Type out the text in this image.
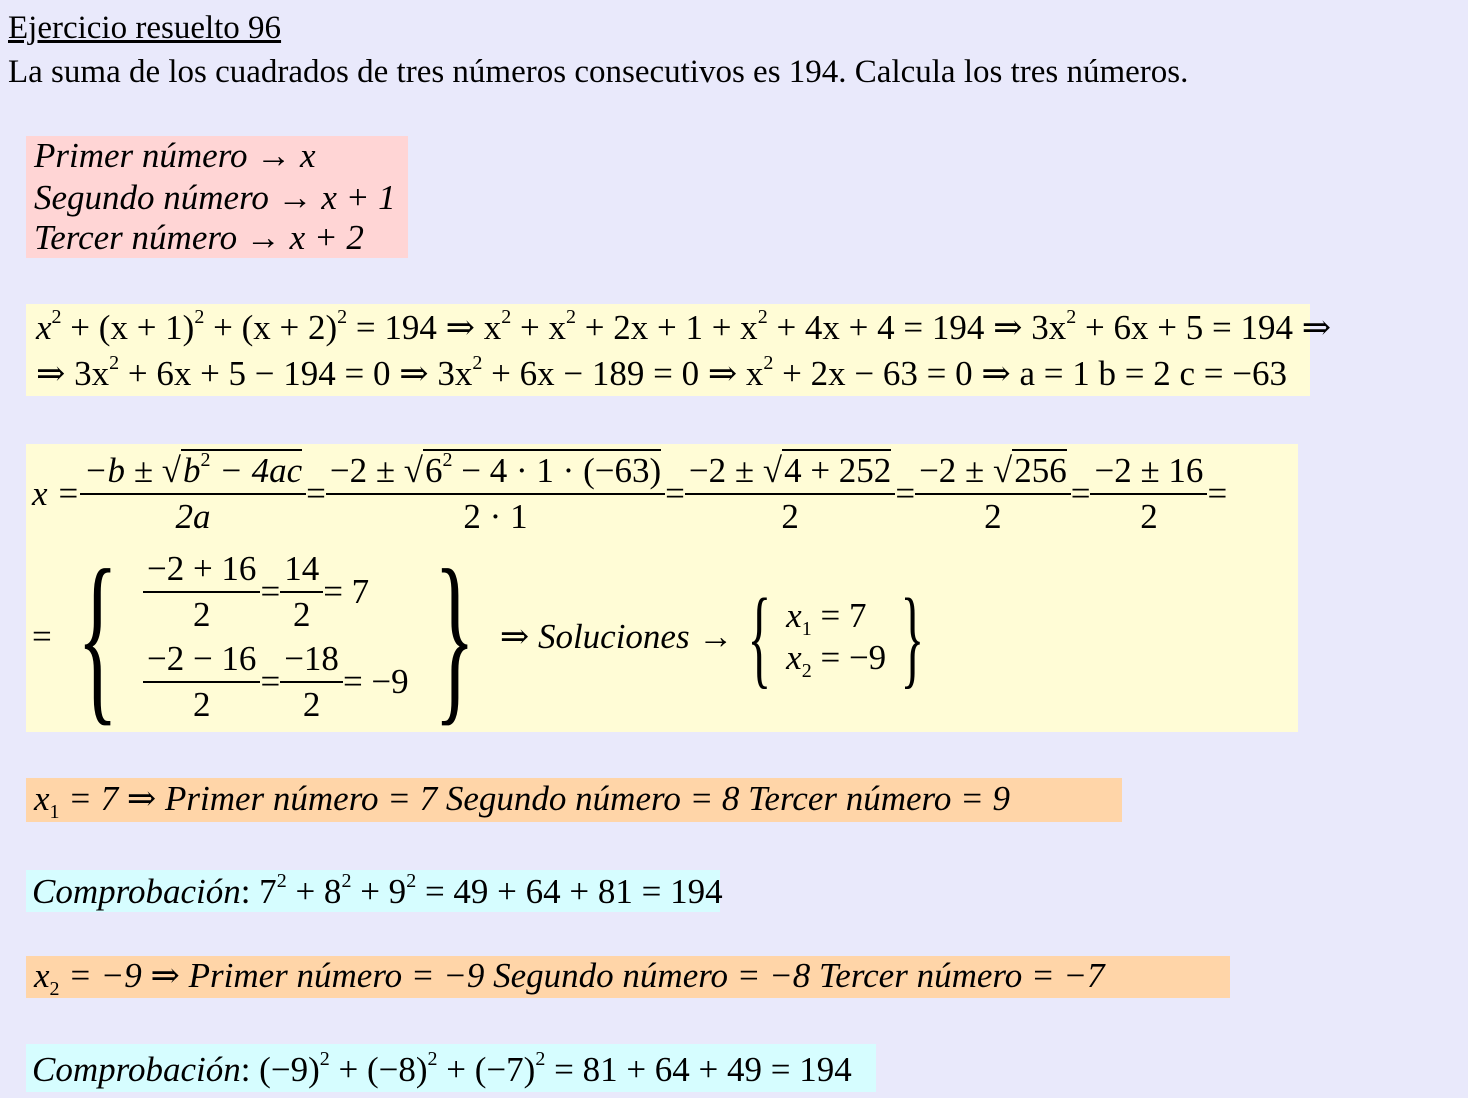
Ejercicio resuelto 96
La suma de los cuadrados de tres números consecutivos es 194. Calcula los tres números.
Primer número → x
Segundo número → x + 1
Tercer número → x + 2
$x^2 + (x + 1)^2 + (x + 2)^2 = 194$ ⇒ $x^2 + x^2 + 2x + 1 + x^2 + 4x + 4 = 194$ ⇒ $3x^2 + 6x + 5 = 194$ ⇒
⇒ $3x^2 + 6x + 5 - 194 = 0$ ⇒ $3x^2 + 6x - 189 = 0$ ⇒ $x^2 + 2x - 63 = 0$ ⇒ a = 1 b = 2 c = −63
$x = \frac{-b \pm √b^2 - 4ac}{2a} = \frac{-2 \pm √6^2 - 4 \cdot 1 \cdot (-63)}{2 \cdot 1} = \frac{-2 \pm √4 + 252}{2} = \frac{-2 \pm √256}{2} = \frac{-2 \pm 16}{2}$ =
= { $\frac{-2 + 16}{2} = \frac{14}{2} = 7$
$\frac{-2 - 16}{2} = \frac{-18}{2} = -9$ } ⇒ Soluciones → { $x_1 = 7$
$x_2 = -9$ }
$x_1 = 7$ ⇒ Primer número = 7 Segundo número = 8 Tercer número = 9
Comprobación: $7^2 + 8^2 + 9^2 = 49 + 64 + 81 = 194$
$x_2 = -9$ ⇒ Primer número = −9 Segundo número = −8 Tercer número = −7
Comprobación: $(-9)^2 + (-8)^2 + (-7)^2 = 81 + 64 + 49 = 194$
